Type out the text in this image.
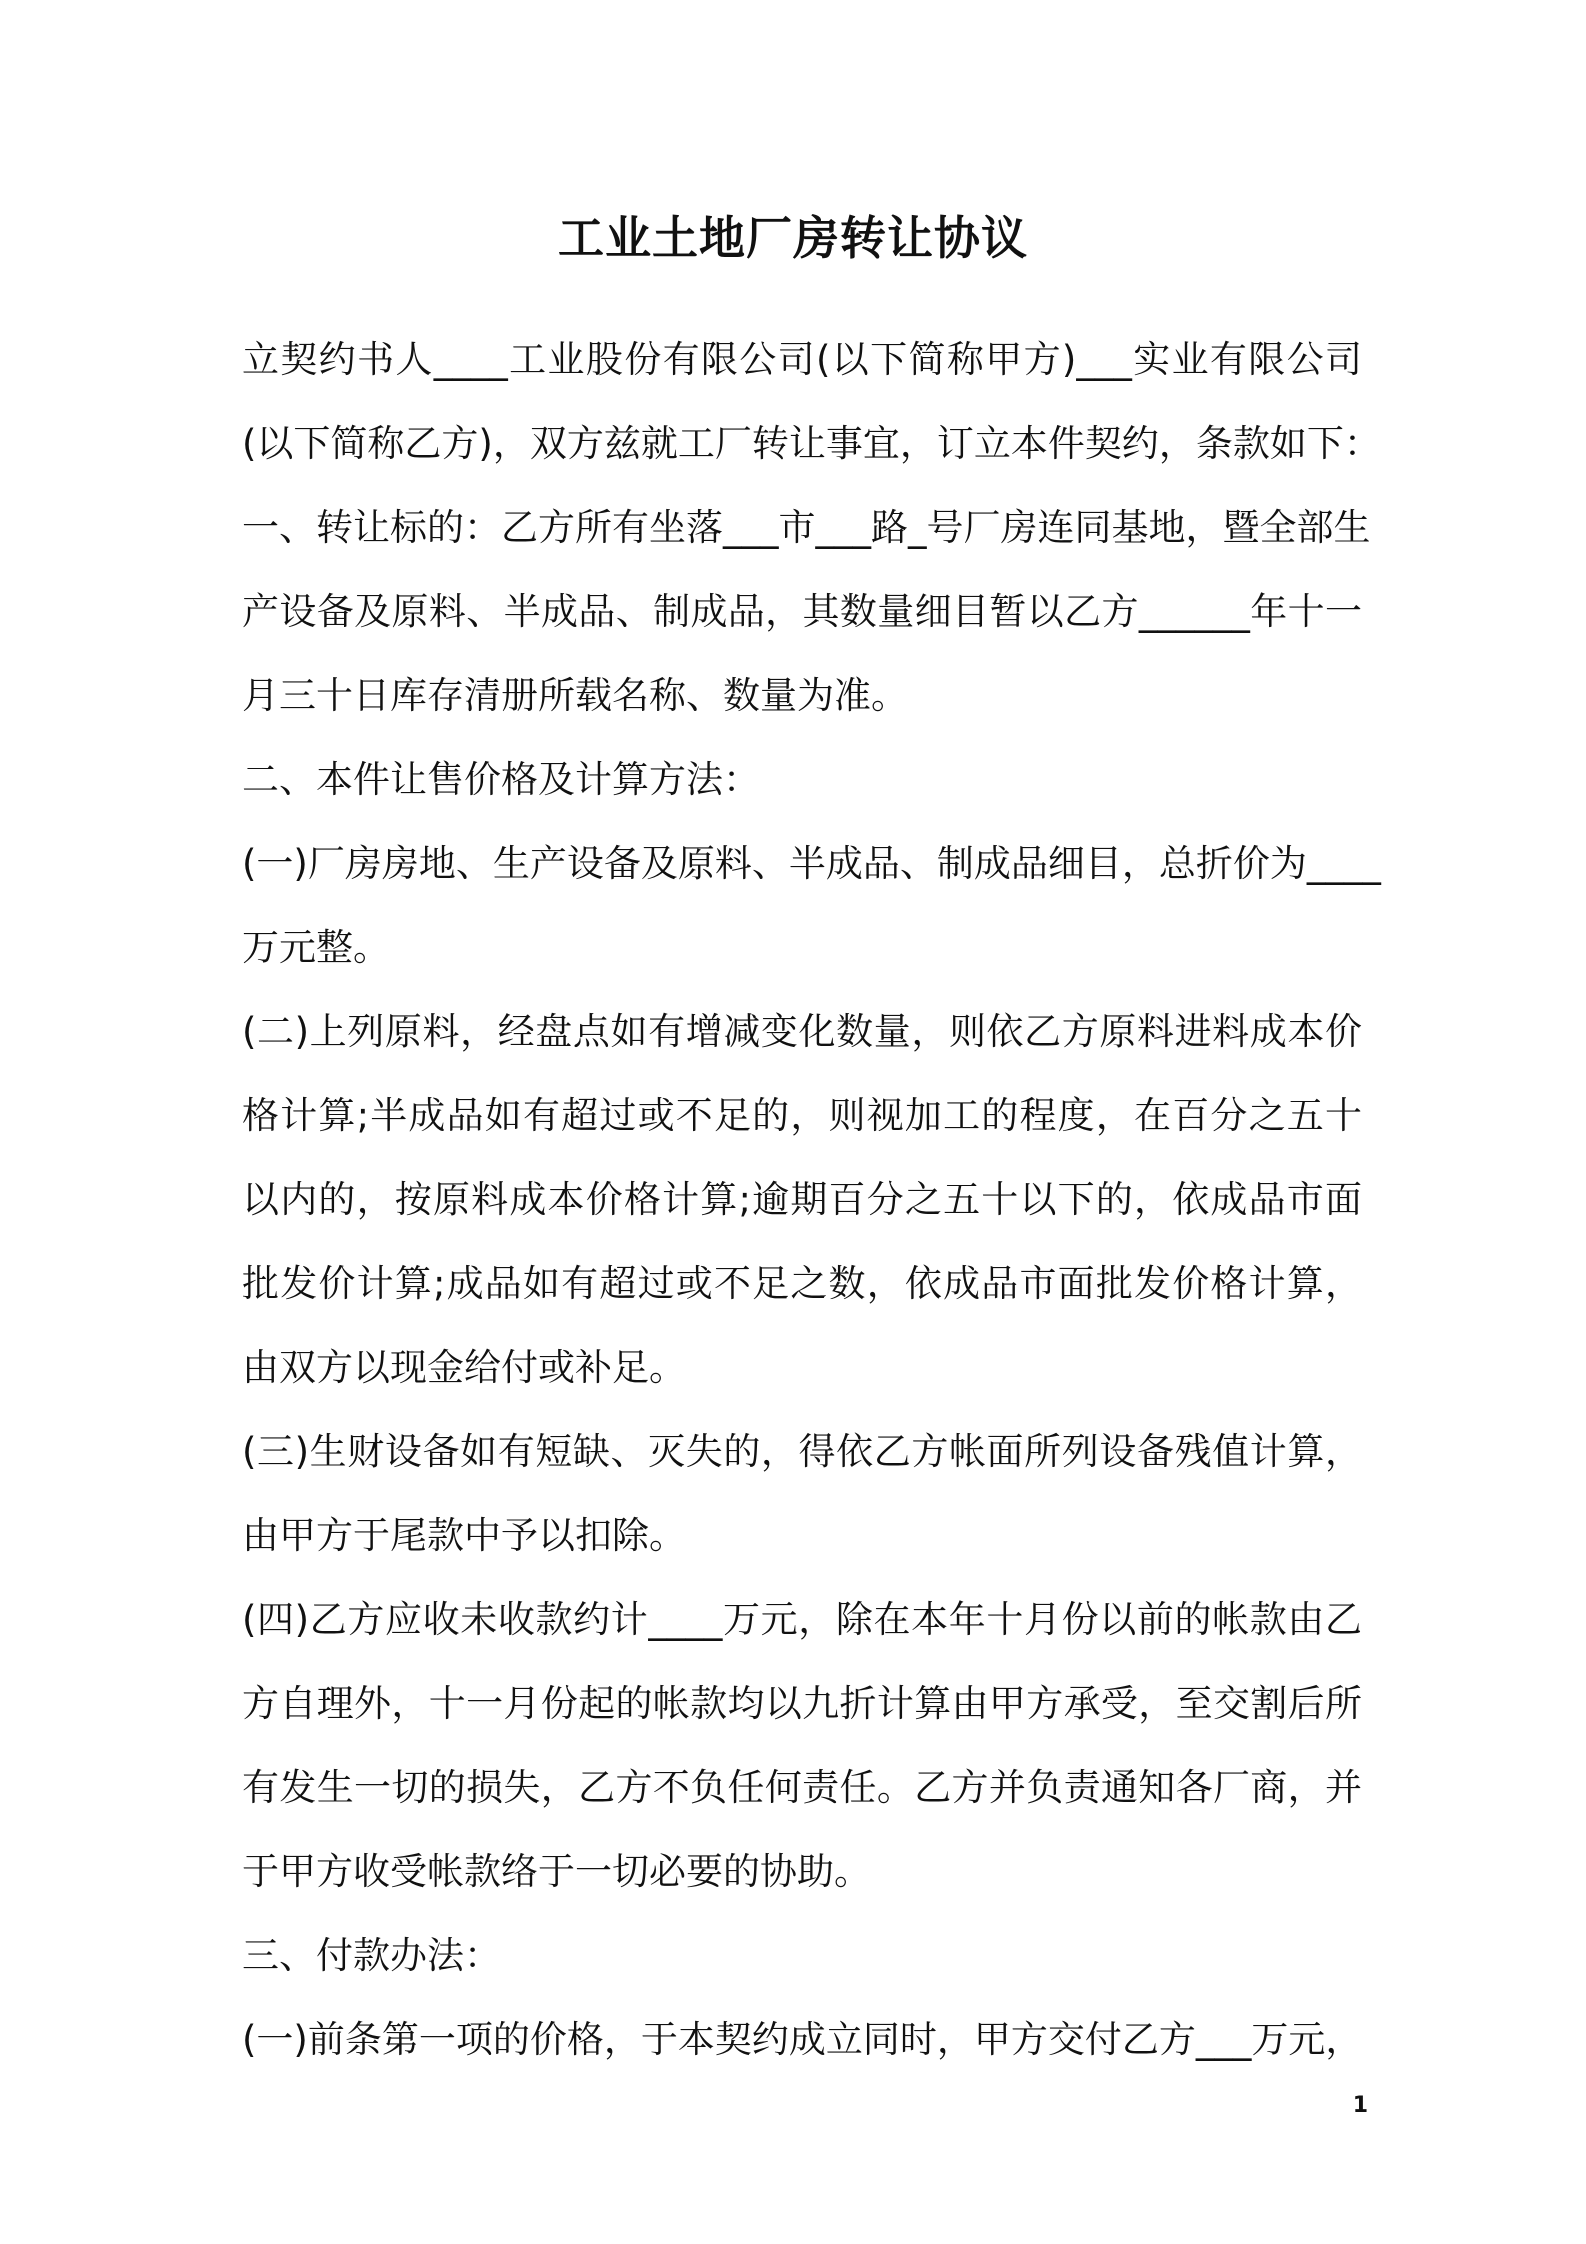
工业土地厂房转让协议
立契约书人____工业股份有限公司(以下简称甲方)___实业有限公司
(以下简称乙方)，双方兹就工厂转让事宜，订立本件契约，条款如下：
一、转让标的：乙方所有坐落___市___路_号厂房连同基地，暨全部生
产设备及原料、半成品、制成品，其数量细目暂以乙方______年十一
月三十日库存清册所载名称、数量为准。
二、本件让售价格及计算方法：
(一)厂房房地、生产设备及原料、半成品、制成品细目，总折价为____
万元整。
(二)上列原料，经盘点如有增减变化数量，则依乙方原料进料成本价
格计算;半成品如有超过或不足的，则视加工的程度，在百分之五十
以内的，按原料成本价格计算;逾期百分之五十以下的，依成品市面
批发价计算;成品如有超过或不足之数，依成品市面批发价格计算，
由双方以现金给付或补足。
(三)生财设备如有短缺、灭失的，得依乙方帐面所列设备残值计算，
由甲方于尾款中予以扣除。
(四)乙方应收未收款约计____万元，除在本年十月份以前的帐款由乙
方自理外，十一月份起的帐款均以九折计算由甲方承受，至交割后所
有发生一切的损失，乙方不负任何责任。乙方并负责通知各厂商，并
于甲方收受帐款络于一切必要的协助。
三、付款办法：
(一)前条第一项的价格，于本契约成立同时，甲方交付乙方___万元，
1
